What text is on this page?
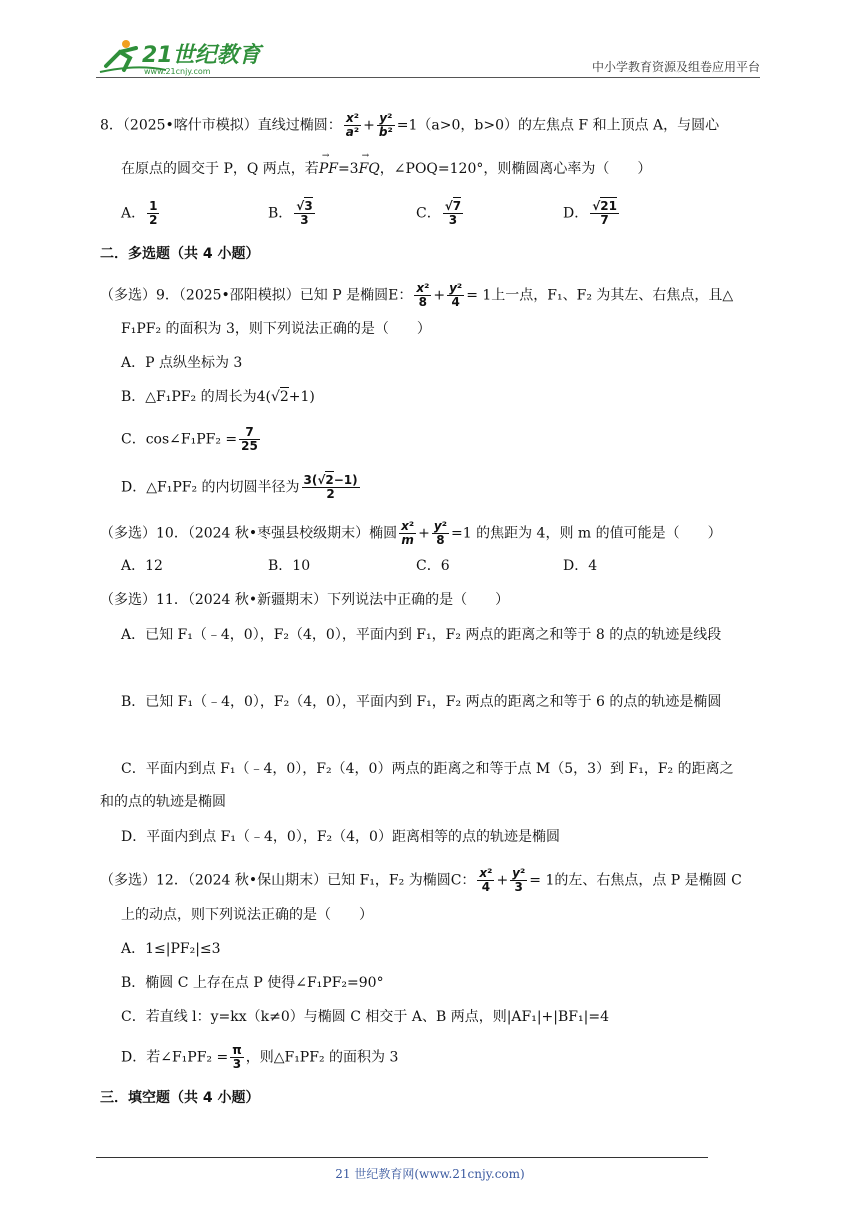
21世纪教育
www.21cnjy.com	中小学教育资源及组卷应用平台
8．（2025•喀什市模拟）直线过椭圆： $\frac{\text{x²}}{\text{a²}} + \frac{\text{y²}}{\text{b²}} =1(a>0$，b>0）的左焦点 F 和上顶点 A，与圆心
在原点的圆交于 P，Q 两点，若→ PF=3→ FQ，∠POQ=120°，则椭圆离心率为（　　）
A． $\frac{1}{2}$	B． $\frac{√3}{3}$	C． $\frac{√7}{3}$	D． $\frac{√21}{7}$
二．多选题（共 4 小题）
（多选）9．（2025•邵阳模拟）已知 P 是椭圆E： $\frac{\text{x²}}{8} + \frac{\text{y²}}{4} = 1$上一点，F₁、F₂ 为其左、右焦点，且△
F₁PF₂ 的面积为 3，则下列说法正确的是（　　）
A．P 点纵坐标为 3
B．△F₁PF₂ 的周长为4(√2+1)
C．cos∠F₁PF₂ = $\frac{7}{25}$
D．△F₁PF₂ 的内切圆半径为 $\frac{3(√2-1)}{2}$
（多选）10．（2024 秋•枣强县校级期末）椭圆 $\frac{\text{x²}}{m} + \frac{\text{y²}}{8} =1$ 的焦距为 4，则 m 的值可能是（　　）
A．12	B．10	C．6	D．4
（多选）11．（2024 秋•新疆期末）下列说法中正确的是（　　）
A．已知 F₁（﹣4，0），F₂（4，0），平面内到 F₁，F₂ 两点的距离之和等于 8 的点的轨迹是线段
B．已知 F₁（﹣4，0），F₂（4，0），平面内到 F₁，F₂ 两点的距离之和等于 6 的点的轨迹是椭圆
C．平面内到点 F₁（﹣4，0），F₂（4，0）两点的距离之和等于点 M（5，3）到 F₁，F₂ 的距离之
和的点的轨迹是椭圆
D．平面内到点 F₁（﹣4，0），F₂（4，0）距离相等的点的轨迹是椭圆
（多选）12．（2024 秋•保山期末）已知 F₁，F₂ 为椭圆C： $\frac{\text{x²}}{4} + \frac{\text{y²}}{3} = 1$的左、右焦点，点 P 是椭圆 C
上的动点，则下列说法正确的是（　　）
A．1≤|PF₂|≤3
B．椭圆 C 上存在点 P 使得∠F₁PF₂=90°
C．若直线 l：y=kx（k≠0）与椭圆 C 相交于 A、B 两点，则|AF₁|+|BF₁|=4
D．若∠F₁PF₂ = $\frac{\pi}{3}$ ，则△F₁PF₂ 的面积为 3
三．填空题（共 4 小题）
21 世纪教育网(www.21cnjy.com)
